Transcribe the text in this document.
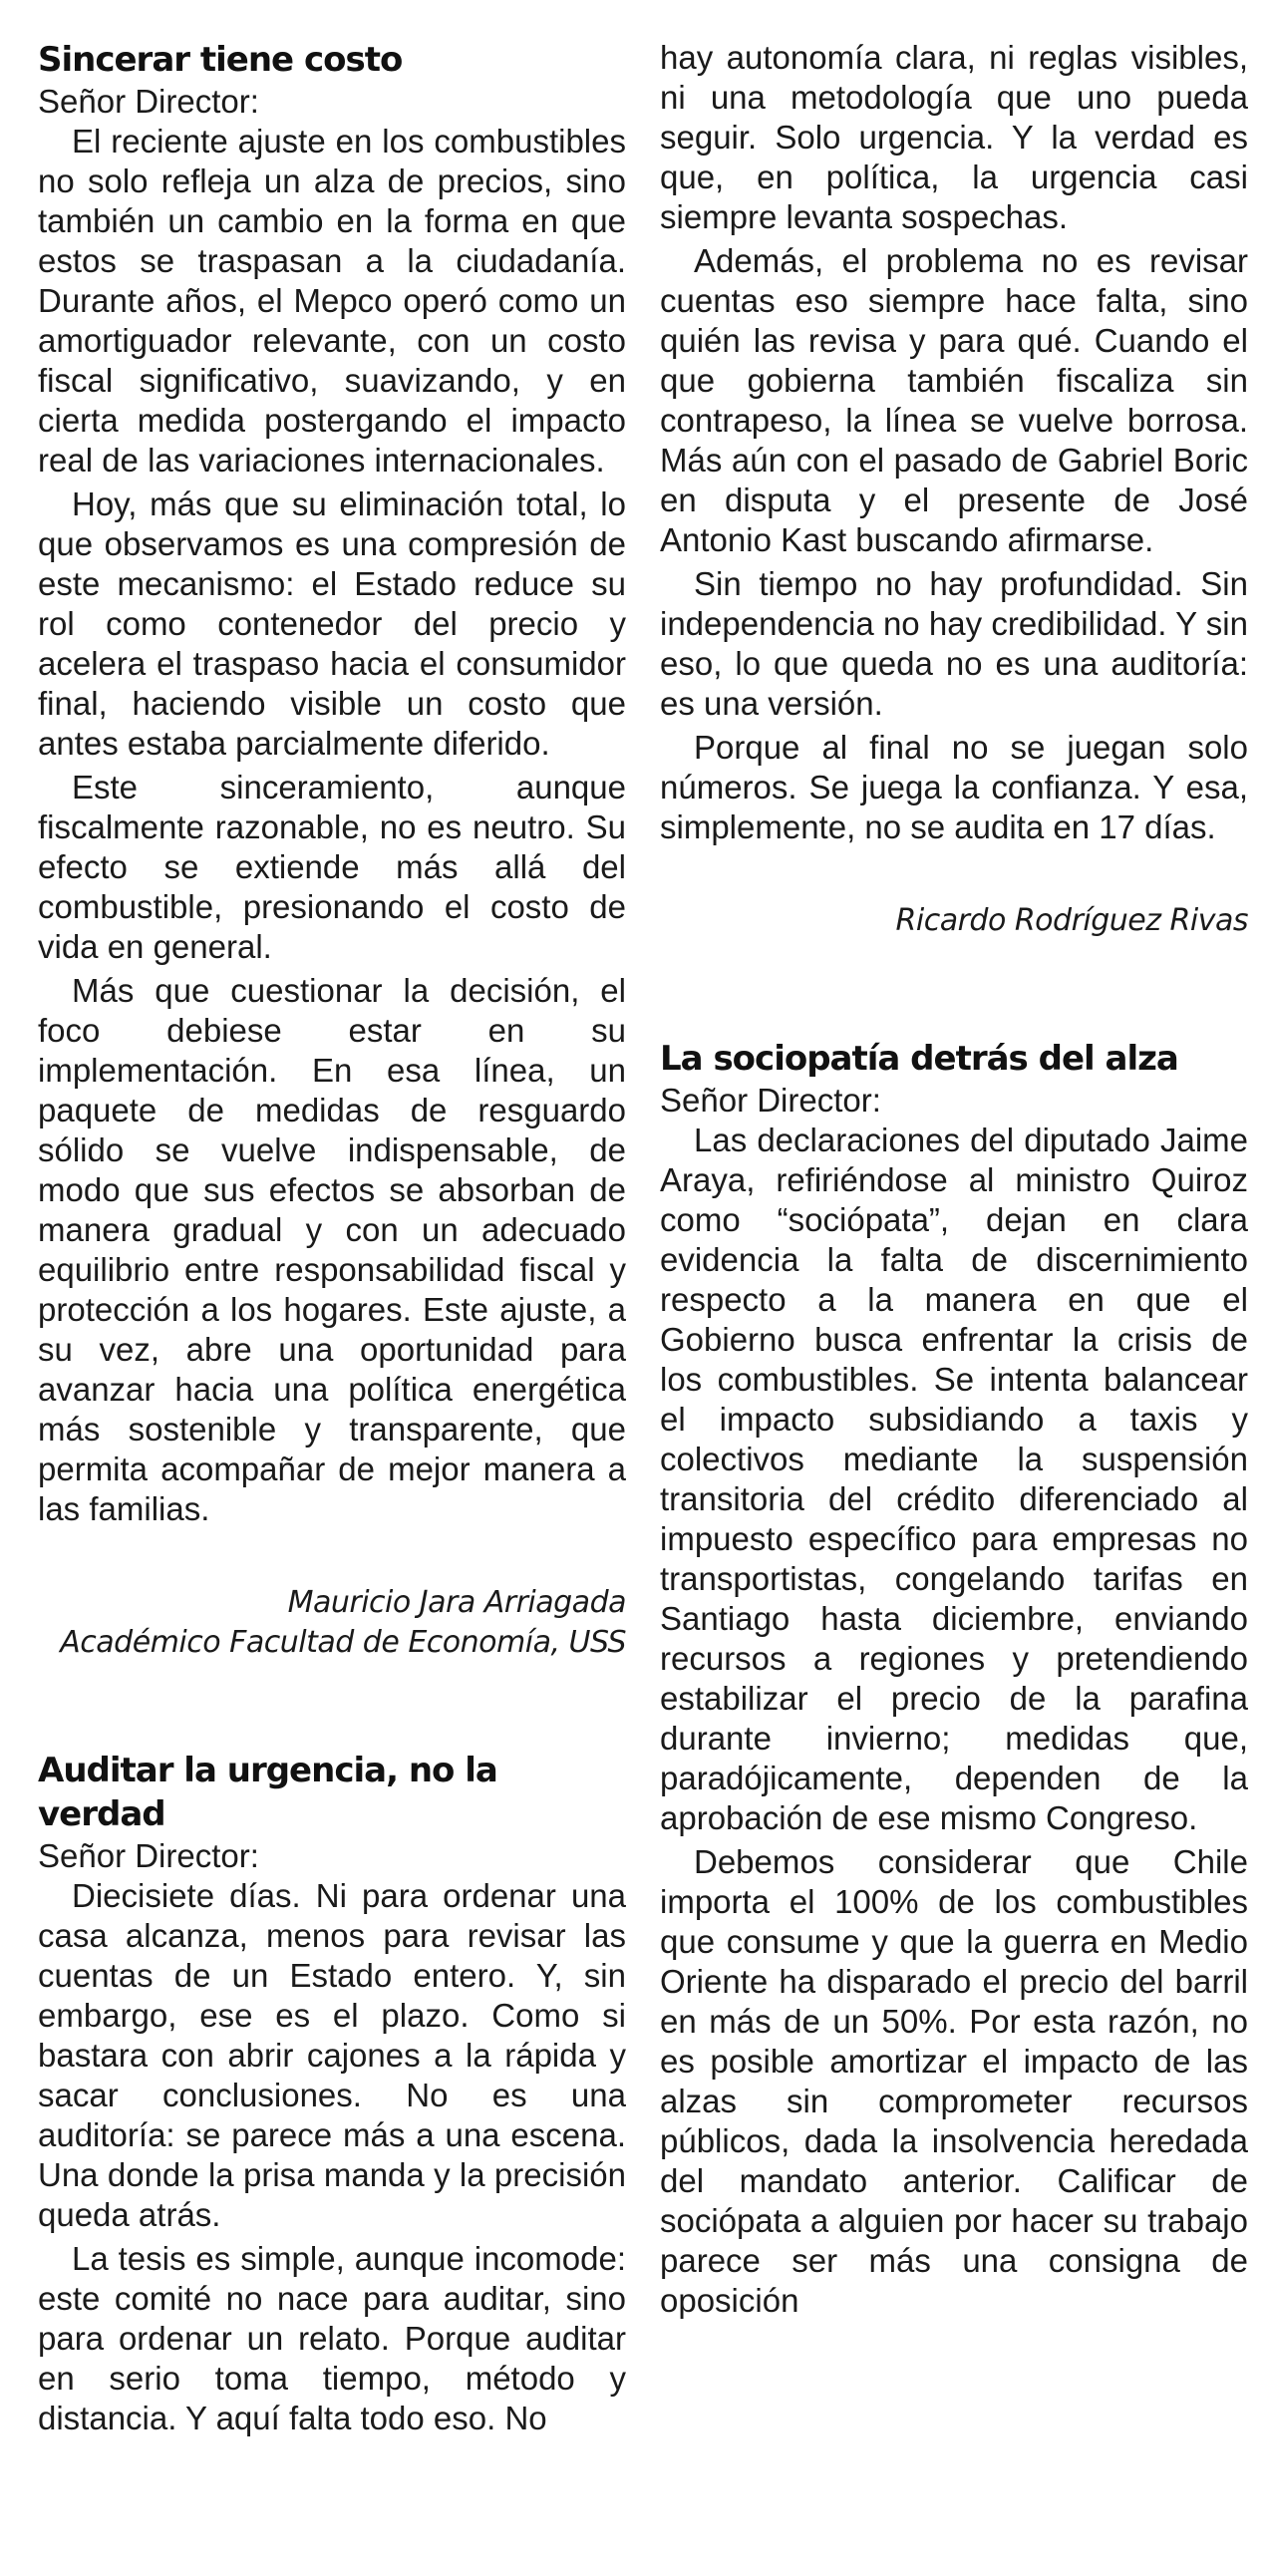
Sincerar tiene costo

Señor Director:

El reciente ajuste en los combustibles no solo refleja un alza de precios, sino también un cambio en la forma en que estos se traspasan a la ciudadanía. Durante años, el Mepco operó como un amortiguador relevante, con un costo fiscal significativo, suavizando, y en cierta medida postergando el impacto real de las variaciones internacionales.

Hoy, más que su eliminación total, lo que observamos es una compresión de este mecanismo: el Estado reduce su rol como contenedor del precio y acelera el traspaso hacia el consumidor final, haciendo visible un costo que antes estaba parcialmente diferido.

Este sinceramiento, aunque fiscalmente razonable, no es neutro. Su efecto se extiende más allá del combustible, presionando el costo de vida en general.

Más que cuestionar la decisión, el foco debiese estar en su implementación. En esa línea, un paquete de medidas de resguardo sólido se vuelve indispensable, de modo que sus efectos se absorban de manera gradual y con un adecuado equilibrio entre responsabilidad fiscal y protección a los hogares. Este ajuste, a su vez, abre una oportunidad para avanzar hacia una política energética más sostenible y transparente, que permita acompañar de mejor manera a las familias.

Mauricio Jara Arriagada

Académico Facultad de Economía, USS

Auditar la urgencia, no la verdad

Señor Director:

Diecisiete días. Ni para ordenar una casa alcanza, menos para revisar las cuentas de un Estado entero. Y, sin embargo, ese es el plazo. Como si bastara con abrir cajones a la rápida y sacar conclusiones. No es una auditoría: se parece más a una escena. Una donde la prisa manda y la precisión queda atrás.

La tesis es simple, aunque incomode: este comité no nace para auditar, sino para ordenar un relato. Porque auditar en serio toma tiempo, método y distancia. Y aquí falta todo eso. No

hay autonomía clara, ni reglas visibles, ni una metodología que uno pueda seguir. Solo urgencia. Y la verdad es que, en política, la urgencia casi siempre levanta sospechas.

Además, el problema no es revisar cuentas eso siempre hace falta, sino quién las revisa y para qué. Cuando el que gobierna también fiscaliza sin contrapeso, la línea se vuelve borrosa. Más aún con el pasado de Gabriel Boric en disputa y el presente de José Antonio Kast buscando afirmarse.

Sin tiempo no hay profundidad. Sin independencia no hay credibilidad. Y sin eso, lo que queda no es una auditoría: es una versión.

Porque al final no se juegan solo números. Se juega la confianza. Y esa, simplemente, no se audita en 17 días.

Ricardo Rodríguez Rivas

La sociopatía detrás del alza

Señor Director:

Las declaraciones del diputado Jaime Araya, refiriéndose al ministro Quiroz como “sociópata”, dejan en clara evidencia la falta de discernimiento respecto a la manera en que el Gobierno busca enfrentar la crisis de los combustibles. Se intenta balancear el impacto subsidiando a taxis y colectivos mediante la suspensión transitoria del crédito diferenciado al impuesto específico para empresas no transportistas, congelando tarifas en Santiago hasta diciembre, enviando recursos a regiones y pretendiendo estabilizar el precio de la parafina durante invierno; medidas que, paradójicamente, dependen de la aprobación de ese mismo Congreso.

Debemos considerar que Chile importa el 100% de los combustibles que consume y que la guerra en Medio Oriente ha disparado el precio del barril en más de un 50%. Por esta razón, no es posible amortizar el impacto de las alzas sin comprometer recursos públicos, dada la insolvencia heredada del mandato anterior. Calificar de sociópata a alguien por hacer su trabajo parece ser más una consigna de oposición
